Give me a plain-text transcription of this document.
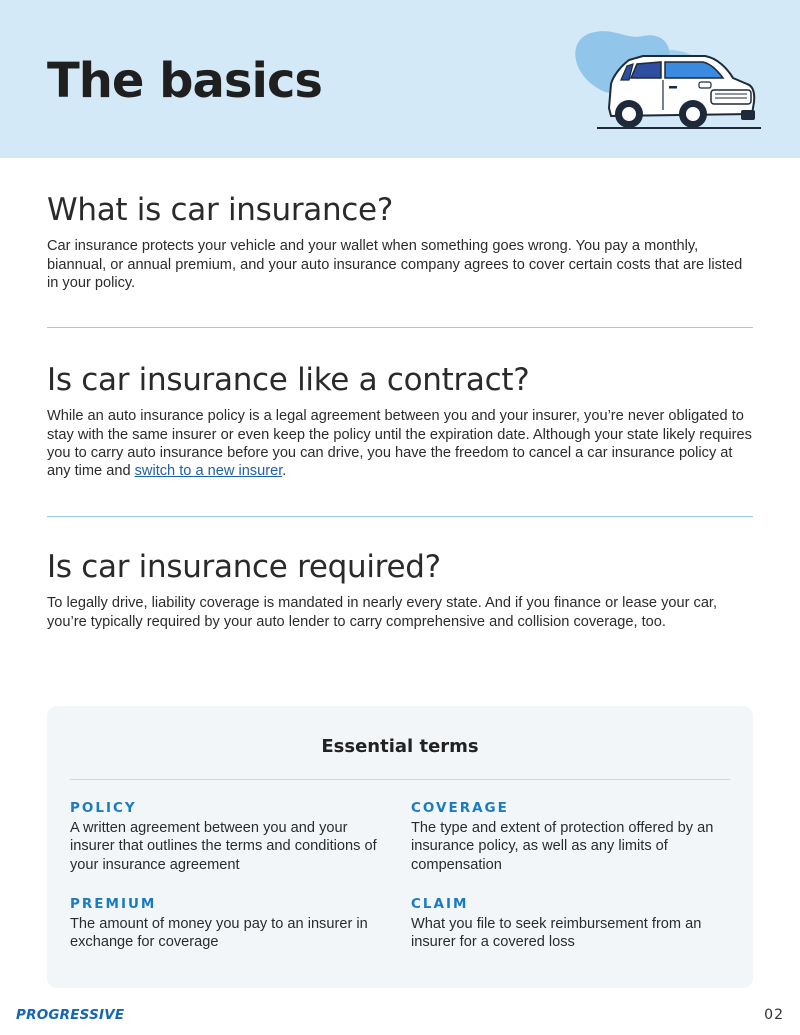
The basics
What is car insurance?

Car insurance protects your vehicle and your wallet when something goes wrong. You pay a monthly, biannual, or annual premium, and your auto insurance company agrees to cover certain costs that are listed in your policy.

Is car insurance like a contract?

While an auto insurance policy is a legal agreement between you and your insurer, you’re never obligated to stay with the same insurer or even keep the policy until the expiration date. Although your state likely requires you to carry auto insurance before you can drive, you have the freedom to cancel a car insurance policy at any time and switch to a new insurer.

Is car insurance required?

To legally drive, liability coverage is mandated in nearly every state. And if you finance or lease your car, you’re typically required by your auto lender to carry comprehensive and collision coverage, too.

Essential terms
POLICY
A written agreement between you and your insurer that outlines the terms and conditions of your insurance agreement
COVERAGE
The type and extent of protection offered by an insurance policy, as well as any limits of compensation
PREMIUM
The amount of money you pay to an insurer in exchange for coverage
CLAIM
What you file to seek reimbursement from an insurer for a covered loss
PROGRESSIVE	02
